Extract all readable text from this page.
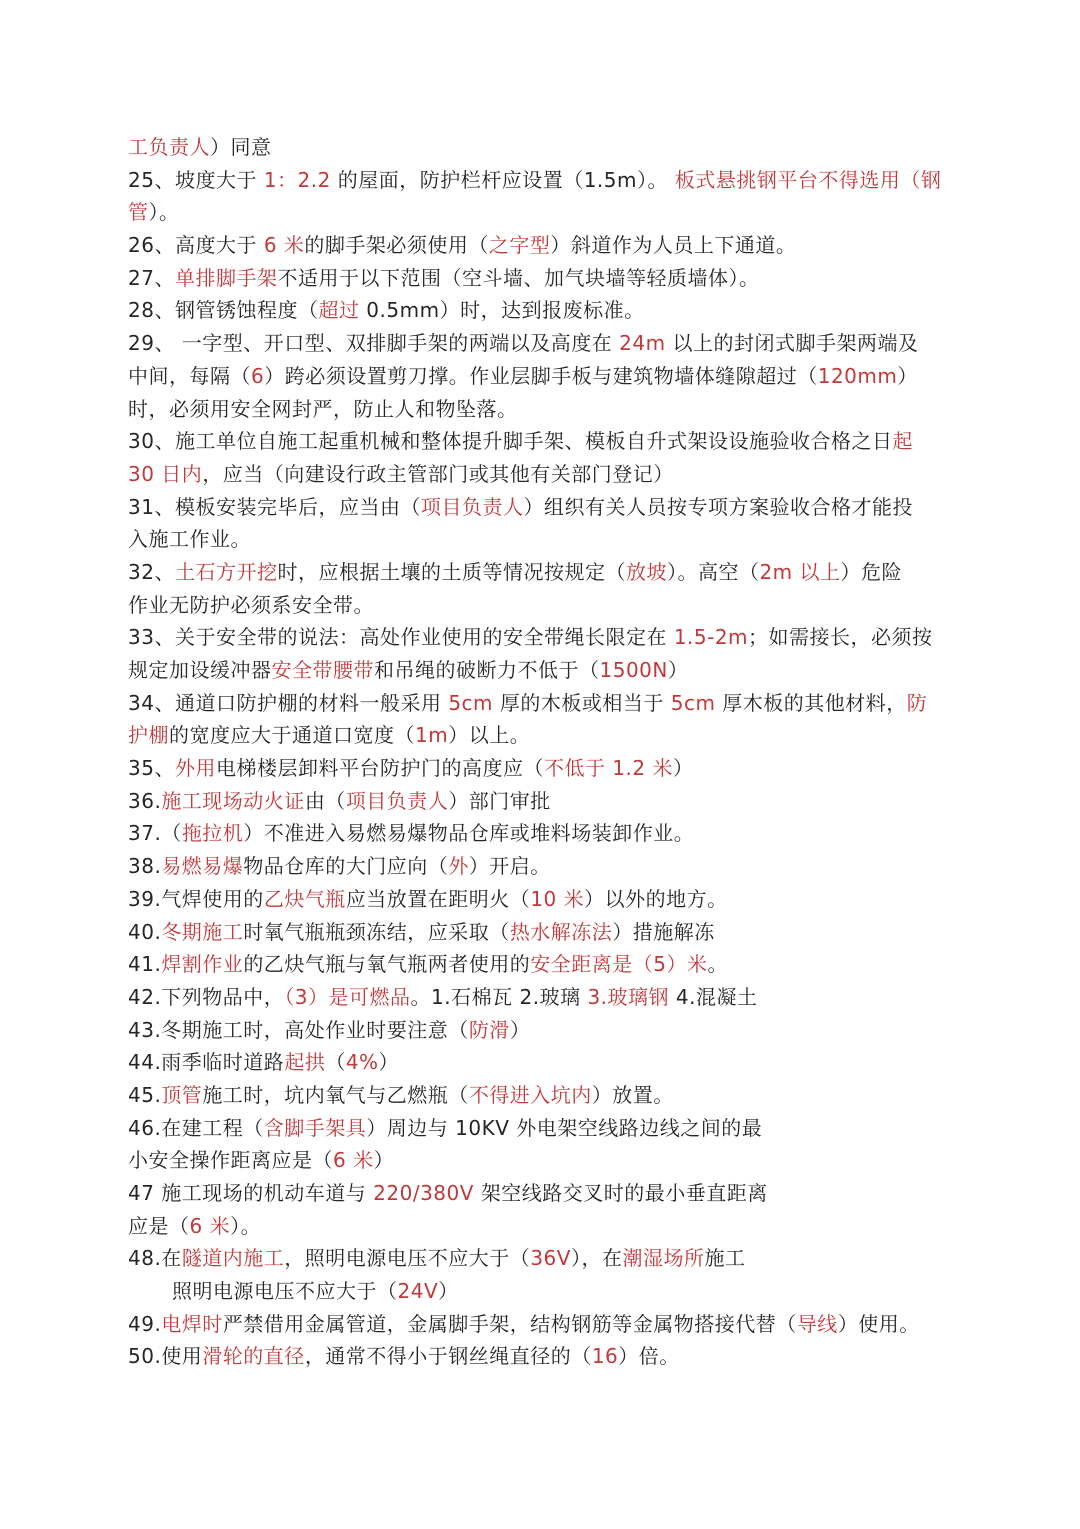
工负责人）同意
25、坡度大于 1：2.2 的屋面，防护栏杆应设置（1.5m）。 板式悬挑钢平台不得选用（钢
管）。
26、高度大于 6 米的脚手架必须使用（之字型）斜道作为人员上下通道。
27、单排脚手架不适用于以下范围（空斗墙、加气块墙等轻质墙体）。
28、钢管锈蚀程度（超过 0.5mm）时，达到报废标准。
29、 一字型、开口型、双排脚手架的两端以及高度在 24m 以上的封闭式脚手架两端及
中间，每隔（6）跨必须设置剪刀撑。作业层脚手板与建筑物墙体缝隙超过（120mm）
时，必须用安全网封严，防止人和物坠落。
30、施工单位自施工起重机械和整体提升脚手架、模板自升式架设设施验收合格之日起
30 日内，应当（向建设行政主管部门或其他有关部门登记）
31、模板安装完毕后，应当由（项目负责人）组织有关人员按专项方案验收合格才能投
入施工作业。
32、土石方开挖时，应根据土壤的土质等情况按规定（放坡）。高空（2m 以上）危险
作业无防护必须系安全带。
33、关于安全带的说法：高处作业使用的安全带绳长限定在 1.5-2m；如需接长，必须按
规定加设缓冲器安全带腰带和吊绳的破断力不低于（1500N）
34、通道口防护棚的材料一般采用 5cm 厚的木板或相当于 5cm 厚木板的其他材料，防
护棚的宽度应大于通道口宽度（1m）以上。
35、外用电梯楼层卸料平台防护门的高度应（不低于 1.2 米）
36.施工现场动火证由（项目负责人）部门审批
37.（拖拉机）不准进入易燃易爆物品仓库或堆料场装卸作业。
38.易燃易爆物品仓库的大门应向（外）开启。
39.气焊使用的乙炔气瓶应当放置在距明火（10 米）以外的地方。
40.冬期施工时氧气瓶瓶颈冻结，应采取（热水解冻法）措施解冻
41.焊割作业的乙炔气瓶与氧气瓶两者使用的安全距离是（5）米。
42.下列物品中，（3）是可燃品。1.石棉瓦 2.玻璃 3.玻璃钢 4.混凝土
43.冬期施工时，高处作业时要注意（防滑）
44.雨季临时道路起拱（4%）
45.顶管施工时，坑内氧气与乙燃瓶（不得进入坑内）放置。
46.在建工程（含脚手架具）周边与 10KV 外电架空线路边线之间的最
小安全操作距离应是（6 米）
47 施工现场的机动车道与 220/380V 架空线路交叉时的最小垂直距离
应是（6 米）。
48.在隧道内施工，照明电源电压不应大于（36V），在潮湿场所施工
照明电源电压不应大于（24V）
49.电焊时严禁借用金属管道，金属脚手架，结构钢筋等金属物搭接代替（导线）使用。
50.使用滑轮的直径，通常不得小于钢丝绳直径的（16）倍。
